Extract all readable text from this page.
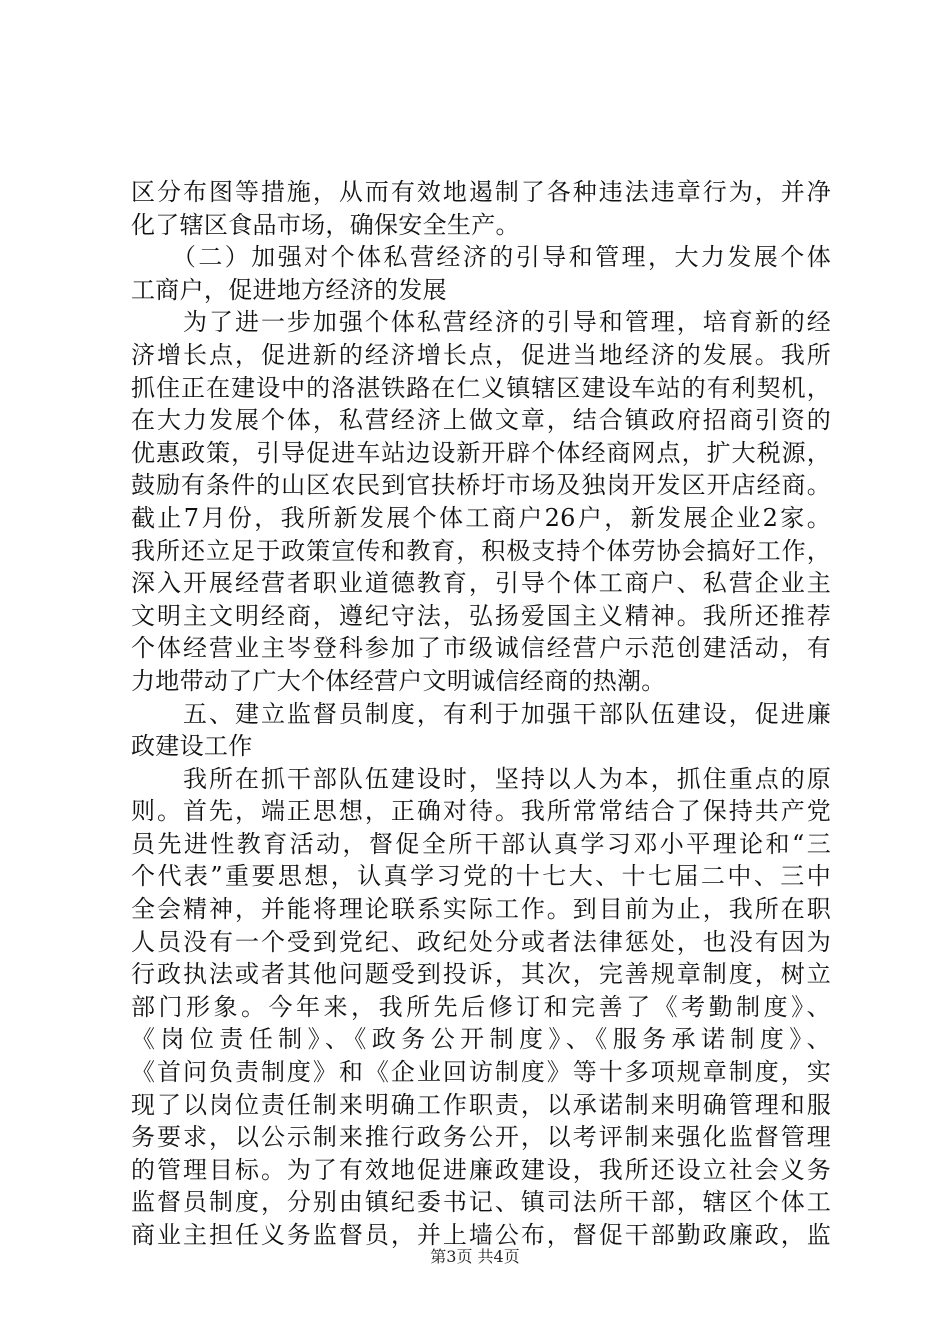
区分布图等措施，从而有效地遏制了各种违法违章行为，并净
化了辖区食品市场，确保安全生产。
　　（二）加强对个体私营经济的引导和管理，大力发展个体
工商户，促进地方经济的发展
　　为了进一步加强个体私营经济的引导和管理，培育新的经
济增长点，促进新的经济增长点，促进当地经济的发展。我所
抓住正在建设中的洛湛铁路在仁义镇辖区建设车站的有利契机，
在大力发展个体，私营经济上做文章，结合镇政府招商引资的
优惠政策，引导促进车站边设新开辟个体经商网点，扩大税源，
鼓励有条件的山区农民到官扶桥圩市场及独岗开发区开店经商。
截止7月份，我所新发展个体工商户26户，新发展企业2家。
我所还立足于政策宣传和教育，积极支持个体劳协会搞好工作，
深入开展经营者职业道德教育，引导个体工商户、私营企业主
文明主文明经商，遵纪守法，弘扬爱国主义精神。我所还推荐
个体经营业主岑登科参加了市级诚信经营户示范创建活动，有
力地带动了广大个体经营户文明诚信经商的热潮。
　　五、建立监督员制度，有利于加强干部队伍建设，促进廉
政建设工作
　　我所在抓干部队伍建设时，坚持以人为本，抓住重点的原
则。首先，端正思想，正确对待。我所常常结合了保持共产党
员先进性教育活动，督促全所干部认真学习邓小平理论和“三
个代表”重要思想，认真学习党的十七大、十七届二中、三中
全会精神，并能将理论联系实际工作。到目前为止，我所在职
人员没有一个受到党纪、政纪处分或者法律惩处，也没有因为
行政执法或者其他问题受到投诉，其次，完善规章制度，树立
部门形象。今年来，我所先后修订和完善了《考勤制度》、
《岗位责任制》、《政务公开制度》、《服务承诺制度》、
《首问负责制度》和《企业回访制度》等十多项规章制度，实
现了以岗位责任制来明确工作职责，以承诺制来明确管理和服
务要求，以公示制来推行政务公开，以考评制来强化监督管理
的管理目标。为了有效地促进廉政建设，我所还设立社会义务
监督员制度，分别由镇纪委书记、镇司法所干部，辖区个体工
商业主担任义务监督员，并上墙公布，督促干部勤政廉政，监
第3页 共4页
